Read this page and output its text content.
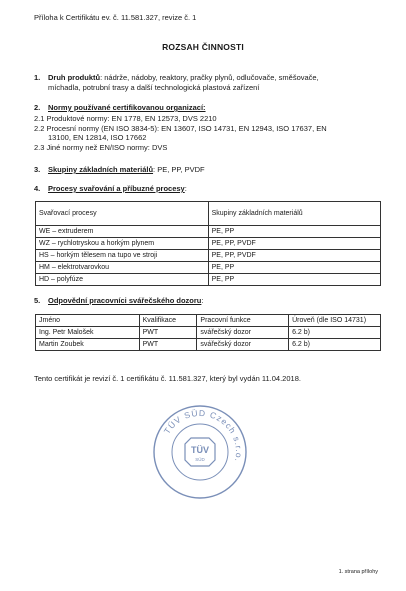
Příloha k Certifikátu ev. č. 11.581.327, revize č. 1
ROZSAH ČINNOSTI
1. Druh produktů: nádrže, nádoby, reaktory, pračky plynů, odlučovače, směšovače,
míchadla, potrubní trasy a další technologická plastová zařízení
2. Normy používané certifikovanou organizací:
2.1 Produktové normy: EN 1778, EN 12573, DVS 2210
2.2 Procesní normy (EN ISO 3834-5): EN 13607, ISO 14731, EN 12943, ISO 17637, EN
13100, EN 12814, ISO 17662
2.3 Jiné normy než EN/ISO normy: DVS
3. Skupiny základních materiálů: PE, PP, PVDF
4. Procesy svařování a příbuzné procesy:
Svařovací procesy	Skupiny základních materiálů
WE – extruderem	PE, PP
WZ – rychlotryskou a horkým plynem	PE, PP, PVDF
HS – horkým tělesem na tupo ve stroji	PE, PP, PVDF
HM – elektrotvarovkou	PE, PP
HD – polyfúze	PE, PP
5. Odpovědní pracovníci svářečského dozoru:
Jméno	Kvalifikace	Pracovní funkce	Úroveň (dle ISO 14731)
Ing. Petr Malošek	PWT	svářečský dozor	6.2 b)
Martin Zoubek	PWT	svářečský dozor	6.2 b)
Tento certifikát je revizí č. 1 certifikátu č. 11.581.327, který byl vydán 11.04.2018.
TÜV SÜD Czech s.r.o.
TÜV
SÜD
1. strana přílohy
